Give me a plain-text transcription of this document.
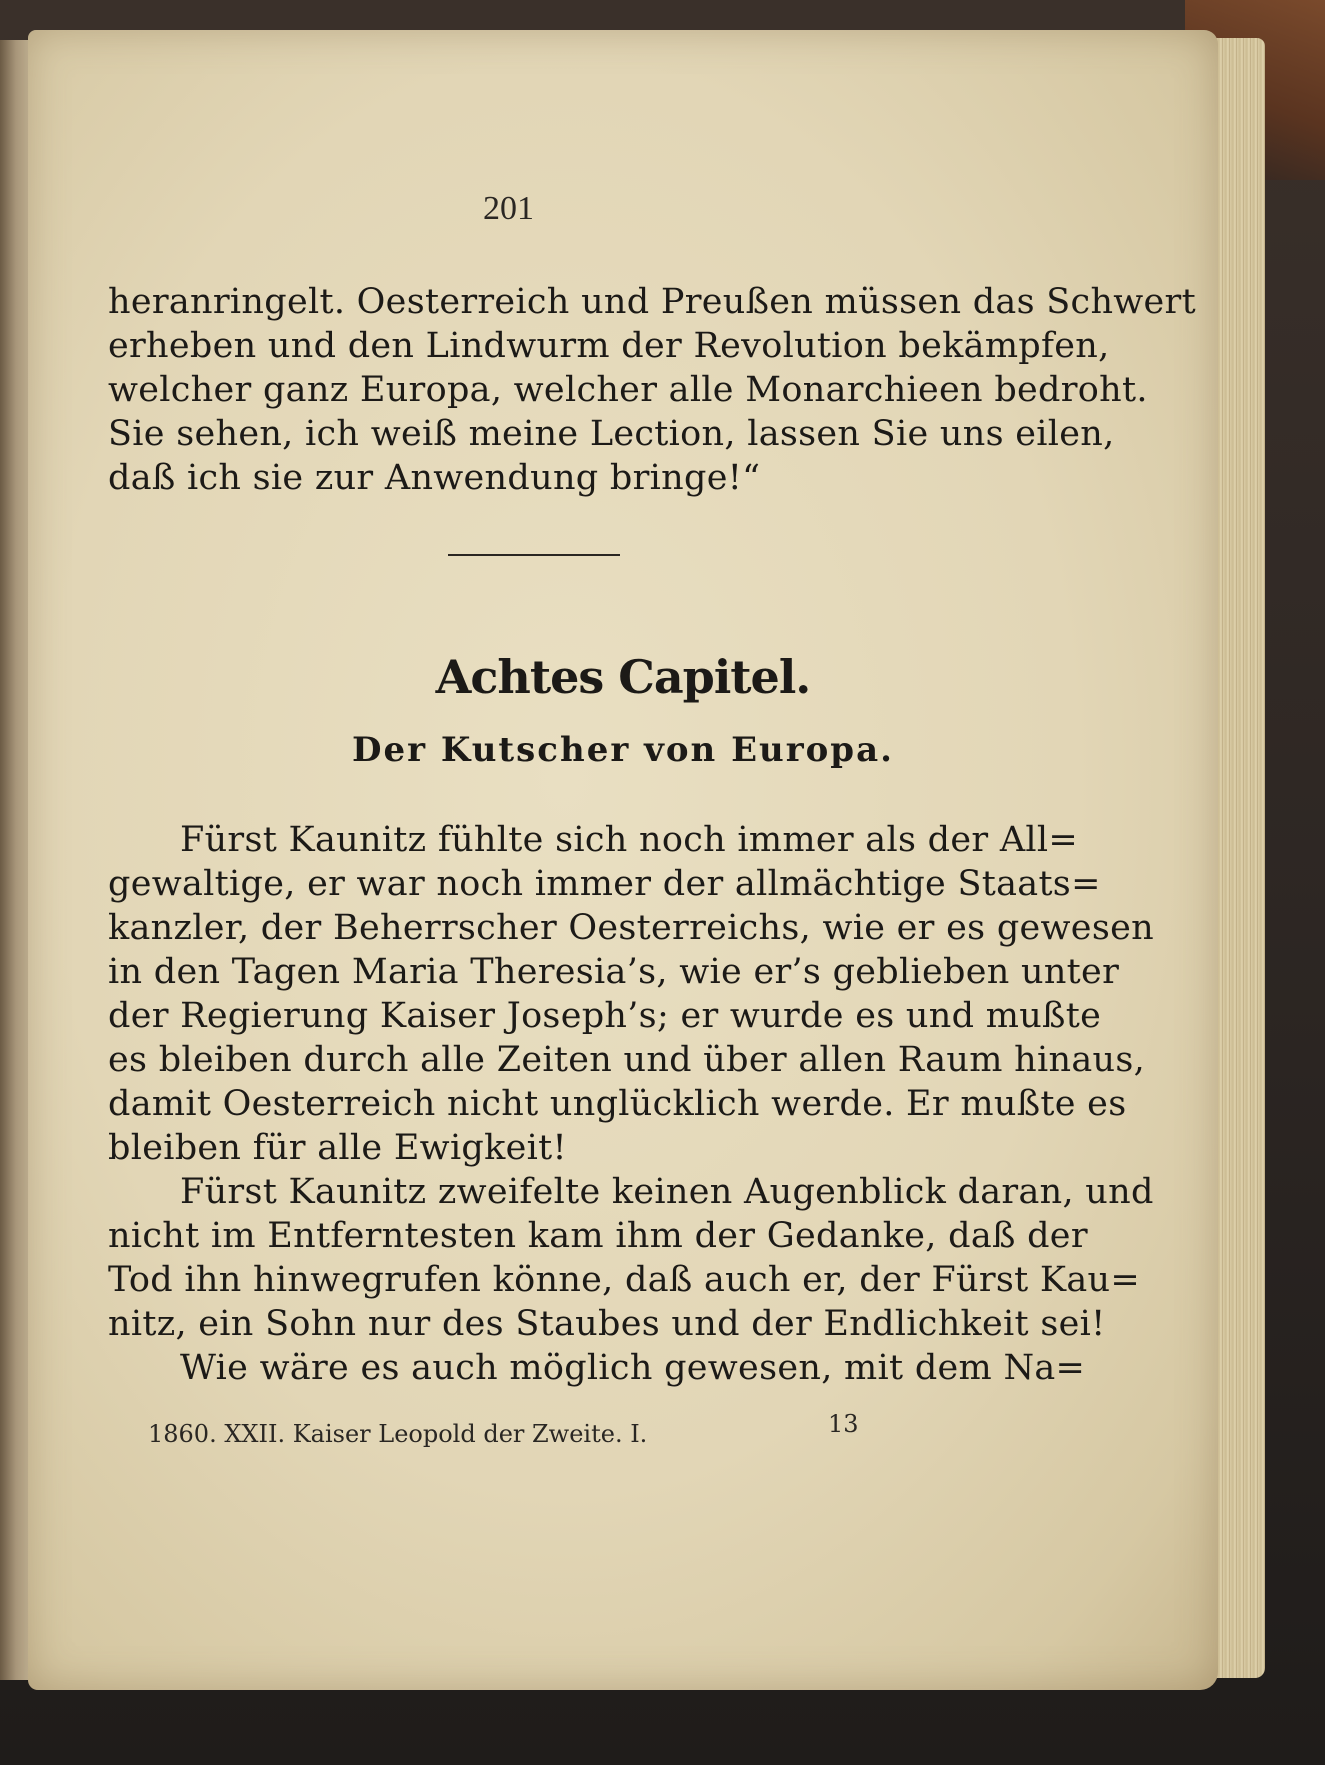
201
heranringelt. Oesterreich und Preußen müssen das Schwert
erheben und den Lindwurm der Revolution bekämpfen,
welcher ganz Europa, welcher alle Monarchieen bedroht.
Sie sehen, ich weiß meine Lection, lassen Sie uns eilen,
daß ich sie zur Anwendung bringe!“
Achtes Capitel.
Der Kutscher von Europa.
Fürst Kaunitz fühlte sich noch immer als der All=
gewaltige, er war noch immer der allmächtige Staats=
kanzler, der Beherrscher Oesterreichs, wie er es gewesen
in den Tagen Maria Theresia’s, wie er’s geblieben unter
der Regierung Kaiser Joseph’s; er wurde es und mußte
es bleiben durch alle Zeiten und über allen Raum hinaus,
damit Oesterreich nicht unglücklich werde. Er mußte es
bleiben für alle Ewigkeit!
Fürst Kaunitz zweifelte keinen Augenblick daran, und
nicht im Entferntesten kam ihm der Gedanke, daß der
Tod ihn hinwegrufen könne, daß auch er, der Fürst Kau=
nitz, ein Sohn nur des Staubes und der Endlichkeit sei!
Wie wäre es auch möglich gewesen, mit dem Na=
1860. XXII. Kaiser Leopold der Zweite. I.	13
